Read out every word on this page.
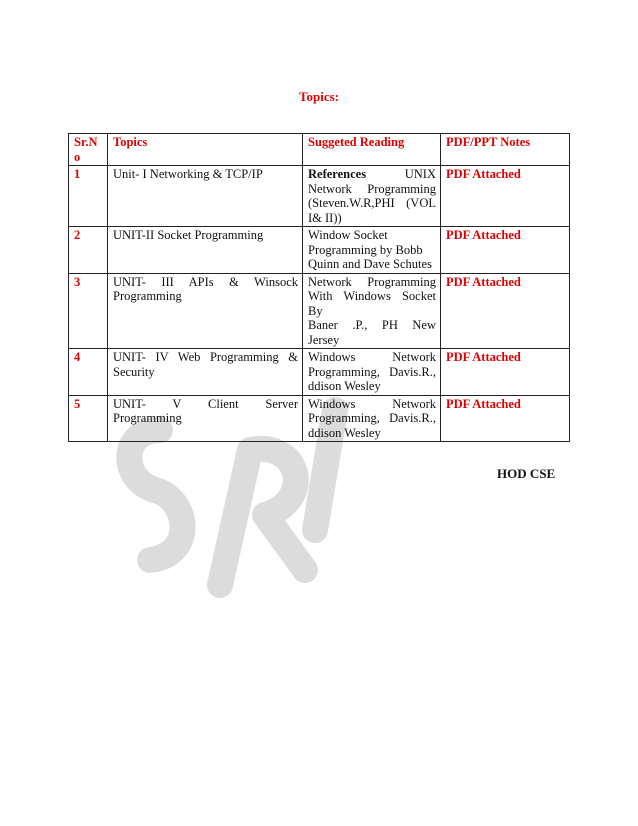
Topics:
Sr.No	Topics	Suggeted Reading	PDF/PPT Notes
1	Unit- I Networking & TCP/IP	References UNIX
Network Programming
(Steven.W.R,PHI (VOL
I& II))	PDF Attached
2	UNIT-II Socket Programming	Window Socket
Programming by Bobb
Quinn and Dave Schutes	PDF Attached
3	UNIT- III APIs & Winsock
Programming	Network Programming
With Windows Socket By
Baner .P., PH New
Jersey	PDF Attached
4	UNIT- IV Web Programming &
Security	Windows Network
Programming, Davis.R.,
ddison Wesley	PDF Attached
5	UNIT- V Client Server
Programming	Windows Network
Programming, Davis.R.,
ddison Wesley	PDF Attached
HOD CSE
